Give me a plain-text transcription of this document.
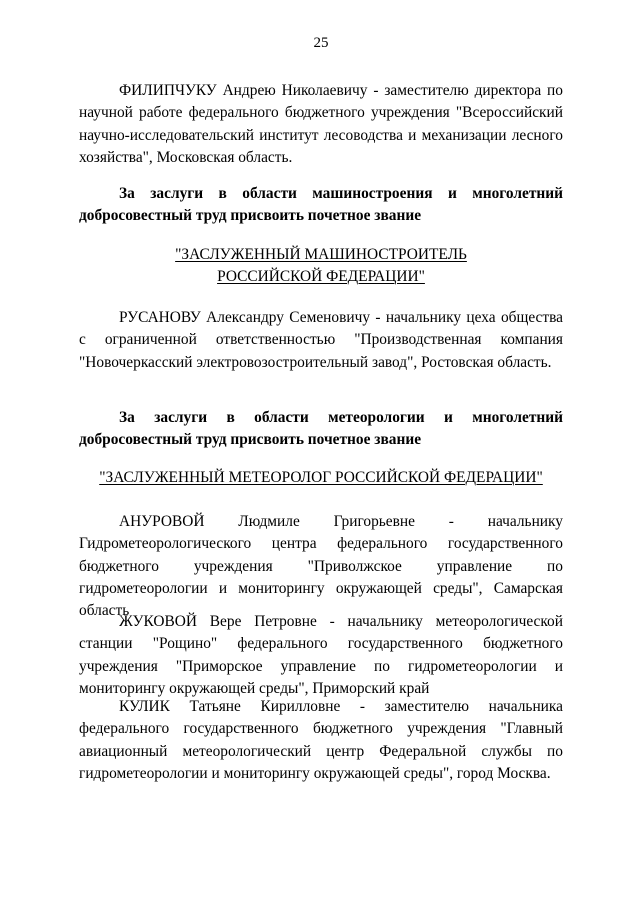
25

ФИЛИПЧУКУ Андрею Николаевичу - заместителю директора по научной работе федерального бюджетного учреждения "Всероссийский научно-исследовательский институт лесоводства и механизации лесного хозяйства", Московская область.

За заслуги в области машиностроения и многолетний добросовестный труд присвоить почетное звание

"ЗАСЛУЖЕННЫЙ МАШИНОСТРОИТЕЛЬ
РОССИЙСКОЙ ФЕДЕРАЦИИ"

РУСАНОВУ Александру Семеновичу - начальнику цеха общества с ограниченной ответственностью "Производственная компания "Новочеркасский электровозостроительный завод", Ростовская область.

За заслуги в области метеорологии и многолетний добросовестный труд присвоить почетное звание

"ЗАСЛУЖЕННЫЙ МЕТЕОРОЛОГ РОССИЙСКОЙ ФЕДЕРАЦИИ"

АНУРОВОЙ Людмиле Григорьевне - начальнику Гидрометеорологического центра федерального государственного бюджетного учреждения "Приволжское управление по гидрометеорологии и мониторингу окружающей среды", Самарская область

ЖУКОВОЙ Вере Петровне - начальнику метеорологической станции "Рощино" федерального государственного бюджетного учреждения "Приморское управление по гидрометеорологии и мониторингу окружающей среды", Приморский край

КУЛИК Татьяне Кирилловне - заместителю начальника федерального государственного бюджетного учреждения "Главный авиационный метеорологический центр Федеральной службы по гидрометеорологии и мониторингу окружающей среды", город Москва.
